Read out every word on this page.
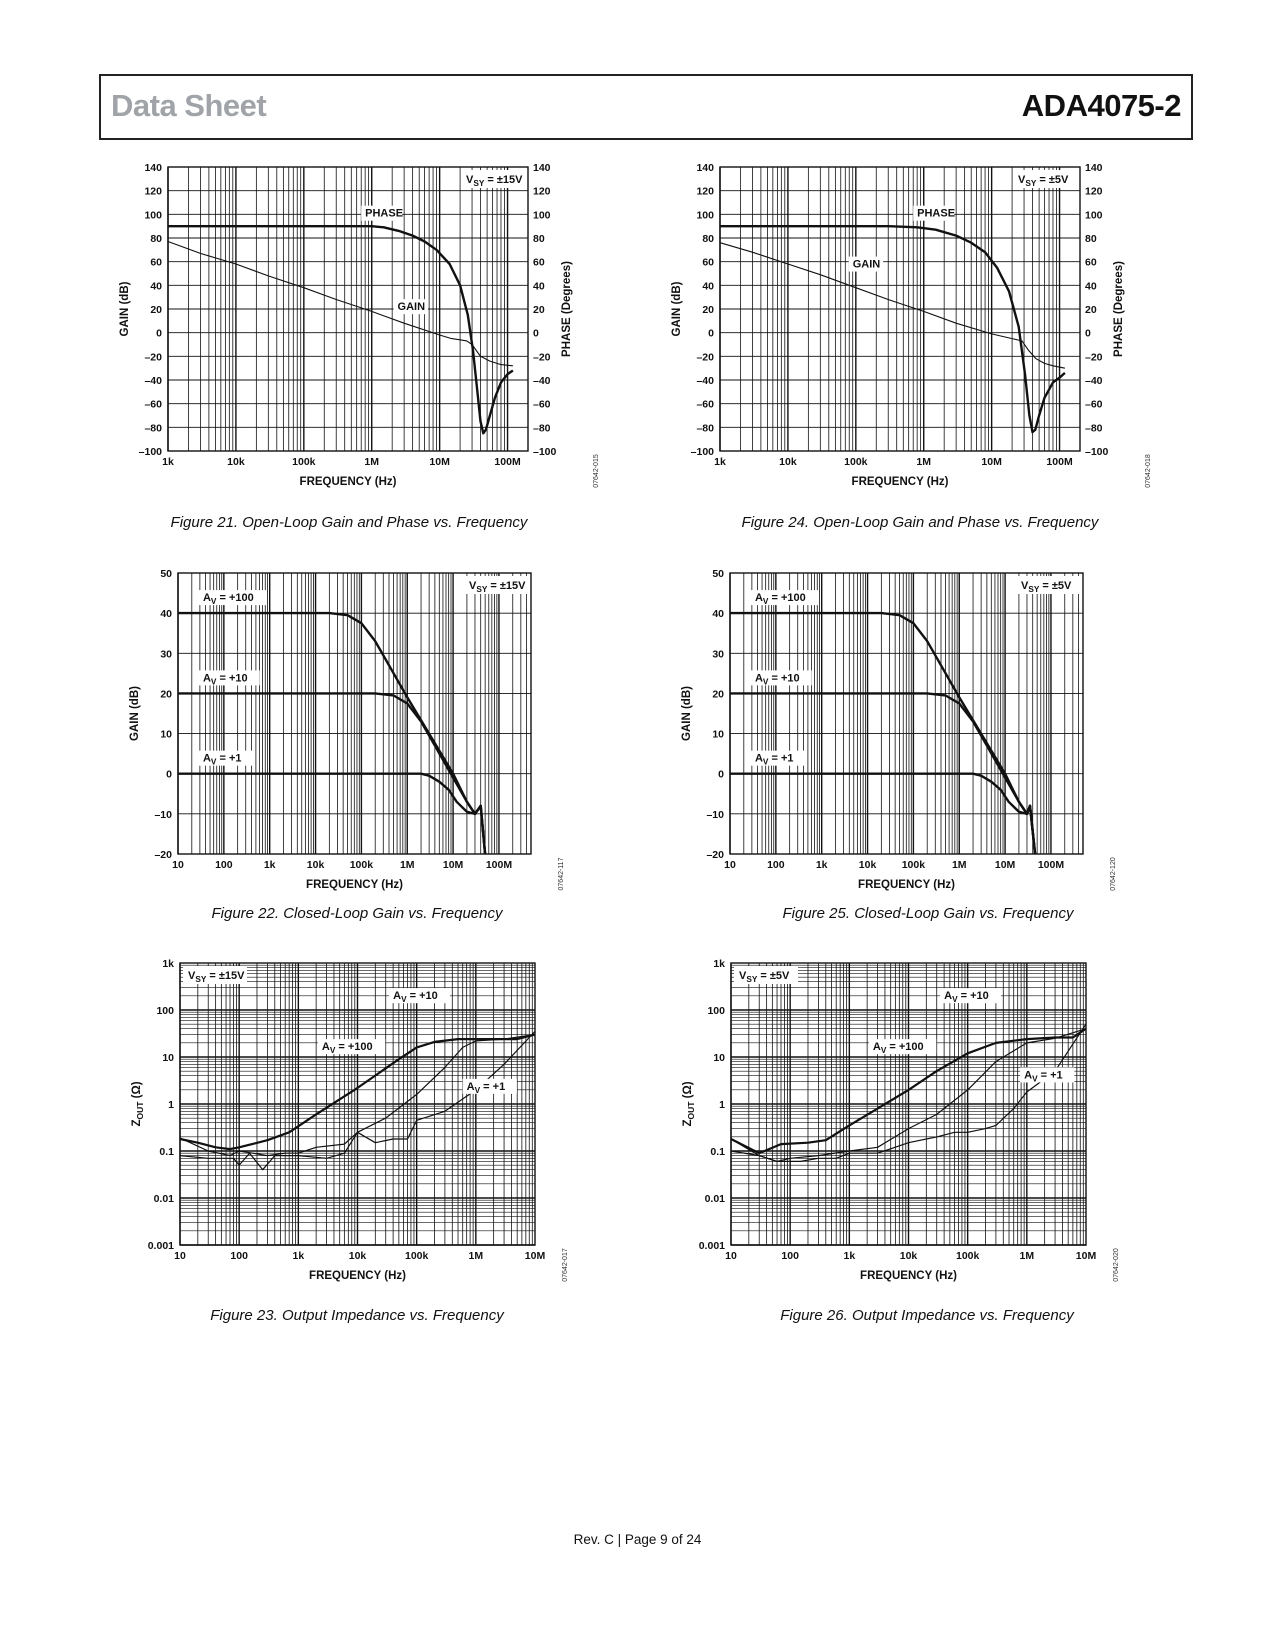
Data Sheet	ADA4075-2
–100	–100
–80	–80
–60	–60
–40	–40
–20	–20
0	0
20	20
40	40
60	60
80	80
100	100
120	120
140	140
1k	10k	100k	1M	10M	100M
FREQUENCY (Hz)
GAIN (dB)	PHASE (Degrees)
07642-015
$V_{SY} = \pm 15V$
PHASE
GAIN
Figure 21. Open-Loop Gain and Phase vs. Frequency
–100	–100
–80	–80
–60	–60
–40	–40
–20	–20
0	0
20	20
40	40
60	60
80	80
100	100
120	120
140	140
1k	10k	100k	1M	10M	100M
FREQUENCY (Hz)
GAIN (dB)	PHASE (Degrees)
07642-018
$V_{SY} = \pm 5V$
PHASE
GAIN
Figure 24. Open-Loop Gain and Phase vs. Frequency
–20
–10
0
10
20
30
40
50
10	100	1k	10k 100k	1M	10M 100M
FREQUENCY (Hz)
GAIN (dB)
07642-117
$V_{SY} = \pm 15V$
$A_V = +100$
$A_V = +10$
$A_V = +1$
Figure 22. Closed-Loop Gain vs. Frequency
–20
–10
0
10
20
30
40
50
10	100	1k	10k 100k	1M	10M 100M
FREQUENCY (Hz)
GAIN (dB)
07642-120
$V_{SY} = \pm 5V$
$A_V = +100$
$A_V = +10$
$A_V = +1$
Figure 25. Closed-Loop Gain vs. Frequency
0.001
0.01
0.1
1
10
100
1k
10	100	1k	10k	100k	1M	10M
FREQUENCY (Hz)
$Z_{OUT}$ (Ω)
07642-017
$V_{SY} = \pm 15V$
$A_V = +10$
$A_V = +100$
$A_V = +1$
Figure 23. Output Impedance vs. Frequency
0.001
0.01
0.1
1
10
100
1k
10	100	1k	10k	100k	1M	10M
FREQUENCY (Hz)
$Z_{OUT}$ (Ω)
07642-020
$V_{SY} = \pm 5V$
$A_V = +10$
$A_V = +100$
$A_V = +1$
Figure 26. Output Impedance vs. Frequency
Rev. C | Page 9 of 24
